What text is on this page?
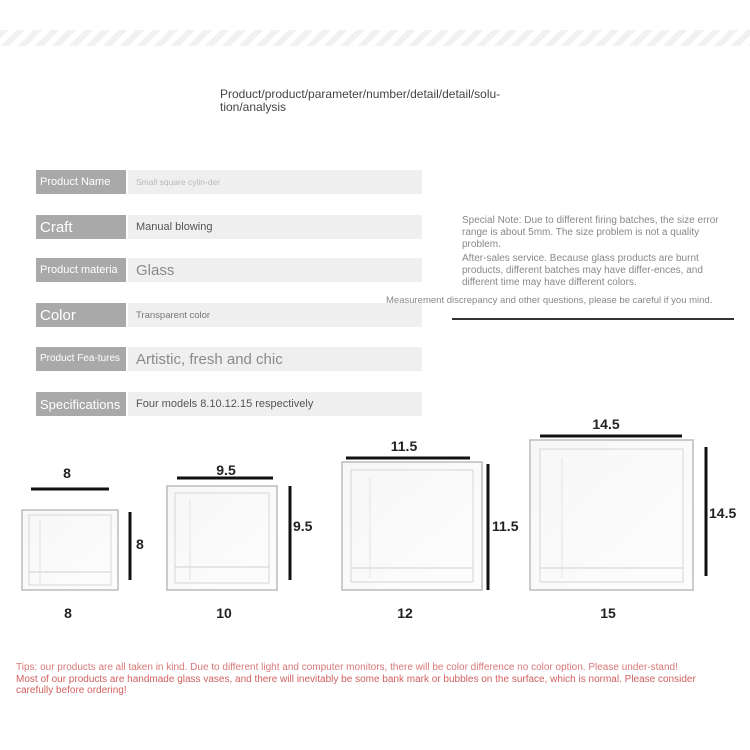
Product/product/parameter/number/detail/detail/solu-tion/analysis
Product Name	Small square cylin-der
Craft	Manual blowing
Product materia	Glass
Color	Transparent color
Product Fea-tures	Artistic, fresh and chic
Specifications	Four models 8.10.12.15 respectively

Special Note: Due to different firing batches, the size error range is about 5mm. The size problem is not a quality problem.

After-sales service. Because glass products are burnt products, different batches may have differ-ences, and different time may have different colors.

Measurement discrepancy and other questions, please be careful if you mind.
8
8
8
9.5
9.5
10
11.5
11.5
12
14.5
14.5
15

Tips: our products are all taken in kind. Due to different light and computer monitors, there will be color difference no color option. Please under-stand!

Most of our products are handmade glass vases, and there will inevitably be some bank mark or bubbles on the surface, which is normal. Please consider carefully before ordering!
